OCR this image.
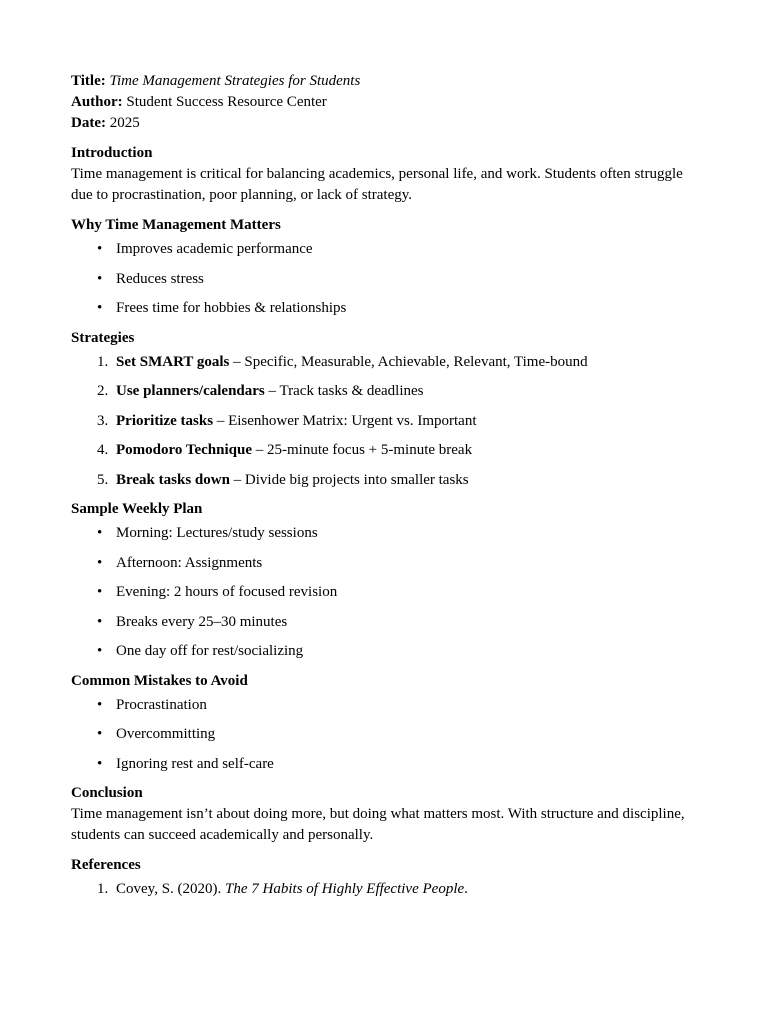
Title: Time Management Strategies for Students

Author: Student Success Resource Center

Date: 2025

Introduction

Time management is critical for balancing academics, personal life, and work. Students often struggle due to procrastination, poor planning, or lack of strategy.

Why Time Management Matters
• Improves academic performance
• Reduces stress
• Frees time for hobbies & relationships
Strategies
1. Set SMART goals – Specific, Measurable, Achievable, Relevant, Time-bound
2. Use planners/calendars – Track tasks & deadlines
3. Prioritize tasks – Eisenhower Matrix: Urgent vs. Important
4. Pomodoro Technique – 25-minute focus + 5-minute break
5. Break tasks down – Divide big projects into smaller tasks
Sample Weekly Plan
• Morning: Lectures/study sessions
• Afternoon: Assignments
• Evening: 2 hours of focused revision
• Breaks every 25–30 minutes
• One day off for rest/socializing
Common Mistakes to Avoid
• Procrastination
• Overcommitting
• Ignoring rest and self-care
Conclusion

Time management isn’t about doing more, but doing what matters most. With structure and discipline, students can succeed academically and personally.

References
1. Covey, S. (2020). The 7 Habits of Highly Effective People.
